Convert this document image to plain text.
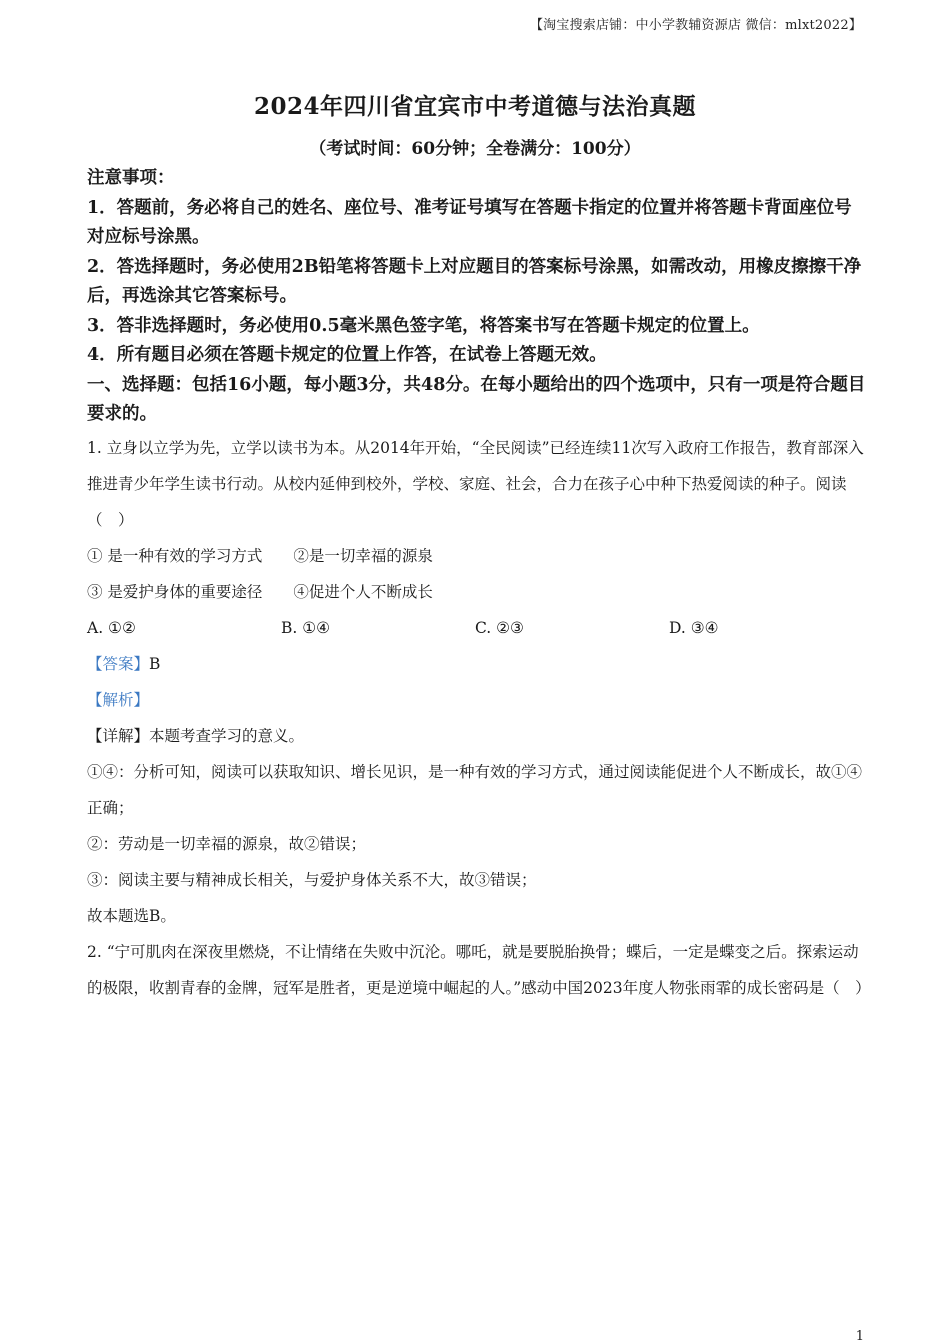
【淘宝搜索店铺：中小学教辅资源店 微信：mlxt2022】
2024年四川省宜宾市中考道德与法治真题
（考试时间：60分钟；全卷满分：100分）

注意事项：

1．答题前，务必将自己的姓名、座位号、准考证号填写在答题卡指定的位置并将答题卡背面座位号对应标号涂黑。

2．答选择题时，务必使用2B铅笔将答题卡上对应题目的答案标号涂黑，如需改动，用橡皮擦擦干净后，再选涂其它答案标号。

3．答非选择题时，务必使用0.5毫米黑色签字笔，将答案书写在答题卡规定的位置上。

4．所有题目必须在答题卡规定的位置上作答，在试卷上答题无效。

一、选择题：包括16小题，每小题3分，共48分。在每小题给出的四个选项中，只有一项是符合题目要求的。

1. 立身以立学为先，立学以读书为本。从2014年开始，“全民阅读”已经连续11次写入政府工作报告，教育部深入推进青少年学生读书行动。从校内延伸到校外，学校、家庭、社会，合力在孩子心中种下热爱阅读的种子。阅读（　）

① 是一种有效的学习方式　　②是一切幸福的源泉

③ 是爱护身体的重要途径　　④促进个人不断成长

A. ①②	B. ①④	C. ②③	D. ③④

【答案】B

【解析】

【详解】本题考查学习的意义。

①④：分析可知，阅读可以获取知识、增长见识，是一种有效的学习方式，通过阅读能促进个人不断成长，故①④正确；

②：劳动是一切幸福的源泉，故②错误；

③：阅读主要与精神成长相关，与爱护身体关系不大，故③错误；

故本题选B。

2. “宁可肌肉在深夜里燃烧，不让情绪在失败中沉沦。哪吒，就是要脱胎换骨；蝶后，一定是蝶变之后。探索运动的极限，收割青春的金牌，冠军是胜者，更是逆境中崛起的人。”感动中国2023年度人物张雨霏的成长密码是（　）

1
